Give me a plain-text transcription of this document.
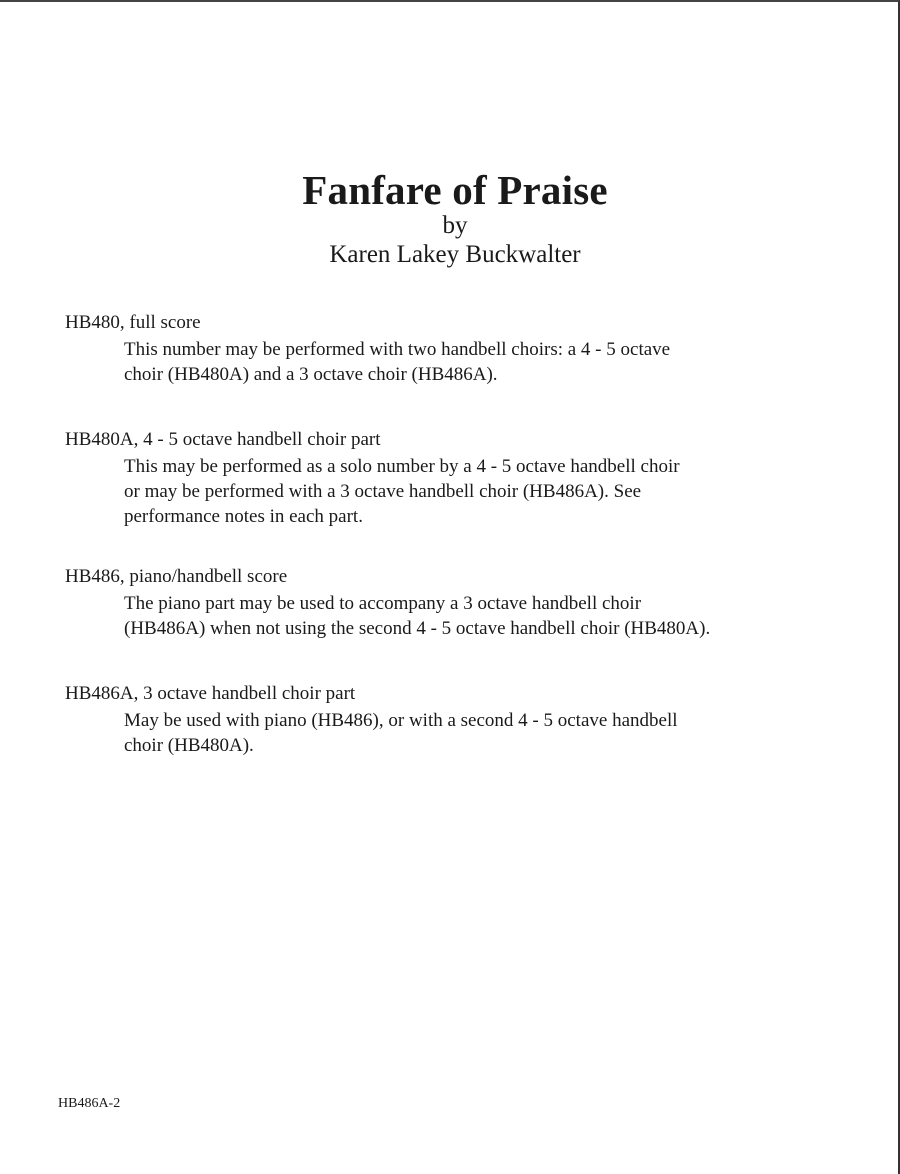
Fanfare of Praise

by

Karen Lakey Buckwalter

HB480, full score

This number may be performed with two handbell choirs: a 4 - 5 octave
choir (HB480A) and a 3 octave choir (HB486A).

HB480A, 4 - 5 octave handbell choir part

This may be performed as a solo number by a 4 - 5 octave handbell choir
or may be performed with a 3 octave handbell choir (HB486A). See
performance notes in each part.

HB486, piano/handbell score

The piano part may be used to accompany a 3 octave handbell choir
(HB486A) when not using the second 4 - 5 octave handbell choir (HB480A).

HB486A, 3 octave handbell choir part

May be used with piano (HB486), or with a second 4 - 5 octave handbell
choir (HB480A).

HB486A-2
